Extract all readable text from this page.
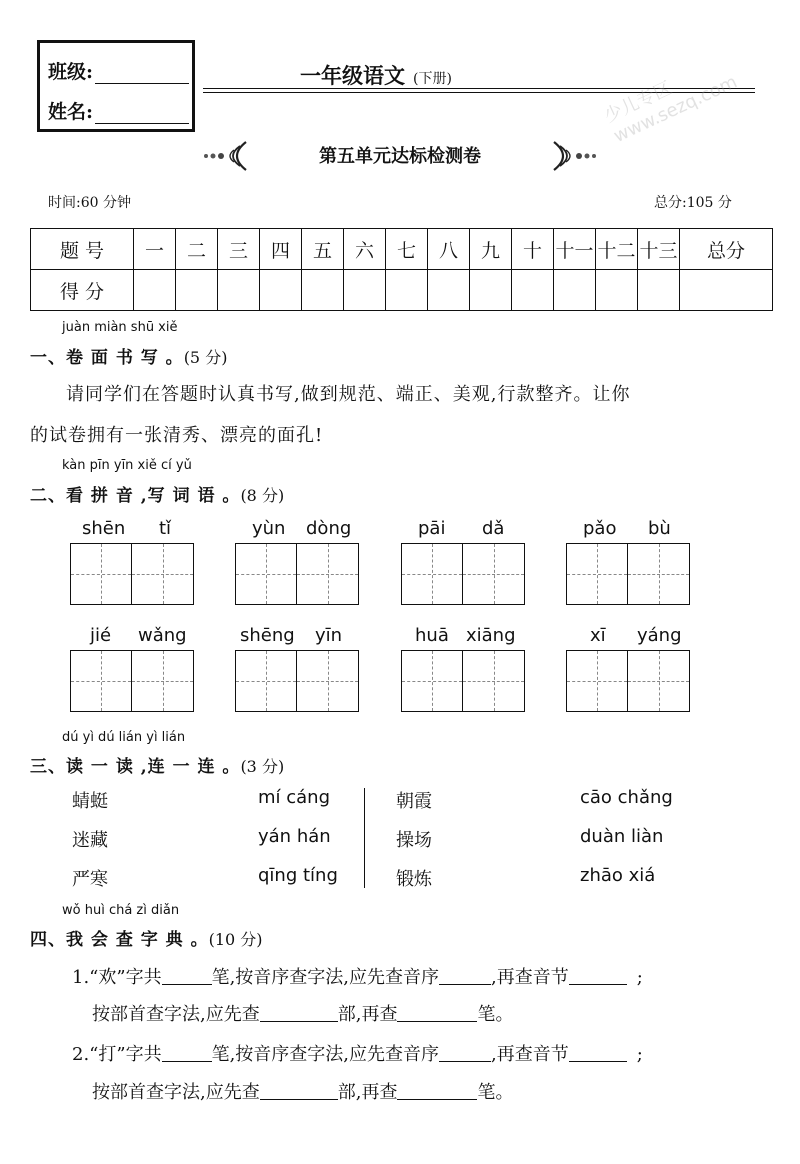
班级:
姓名:
一年级语文 (下册)
第五单元达标检测卷
时间:60 分钟	总分:105 分
题 号	一	二	三	四	五	六	七	八	九	十	十一	十二	十三	总分
得 分														
juàn miàn shū xiě
一、卷 面 书 写 。(5 分)
请同学们在答题时认真书写,做到规范、端正、美观,行款整齐。让你
的试卷拥有一张清秀、漂亮的面孔!
kàn pīn yīn xiě cí yǔ
二、看 拼 音 ,写 词 语 。(8 分)
shēn tǐ	yùn dòng	pāi dǎ	pǎo bù
jié wǎng	shēng yīn	huā xiāng	xī yáng
dú yì dú lián yì lián
三、读 一 读 ,连 一 连 。(3 分)
蜻蜓
迷藏
严寒
mí cáng
yán hán
qīng tíng
朝霞
操场
锻炼
cāo chǎng
duàn liàn
zhāo xiá
wǒ huì chá zì diǎn
四、我 会 查 字 典 。(10 分)
1.“欢”字共	笔,按音序查字法,应先查音序	,再查音节	;
按部首查字法,应先查	部,再查	笔。
2.“打”字共	笔,按音序查字法,应先查音序	,再查音节	;
按部首查字法,应先查	部,再查	笔。
少儿专区 www.sezq.com
